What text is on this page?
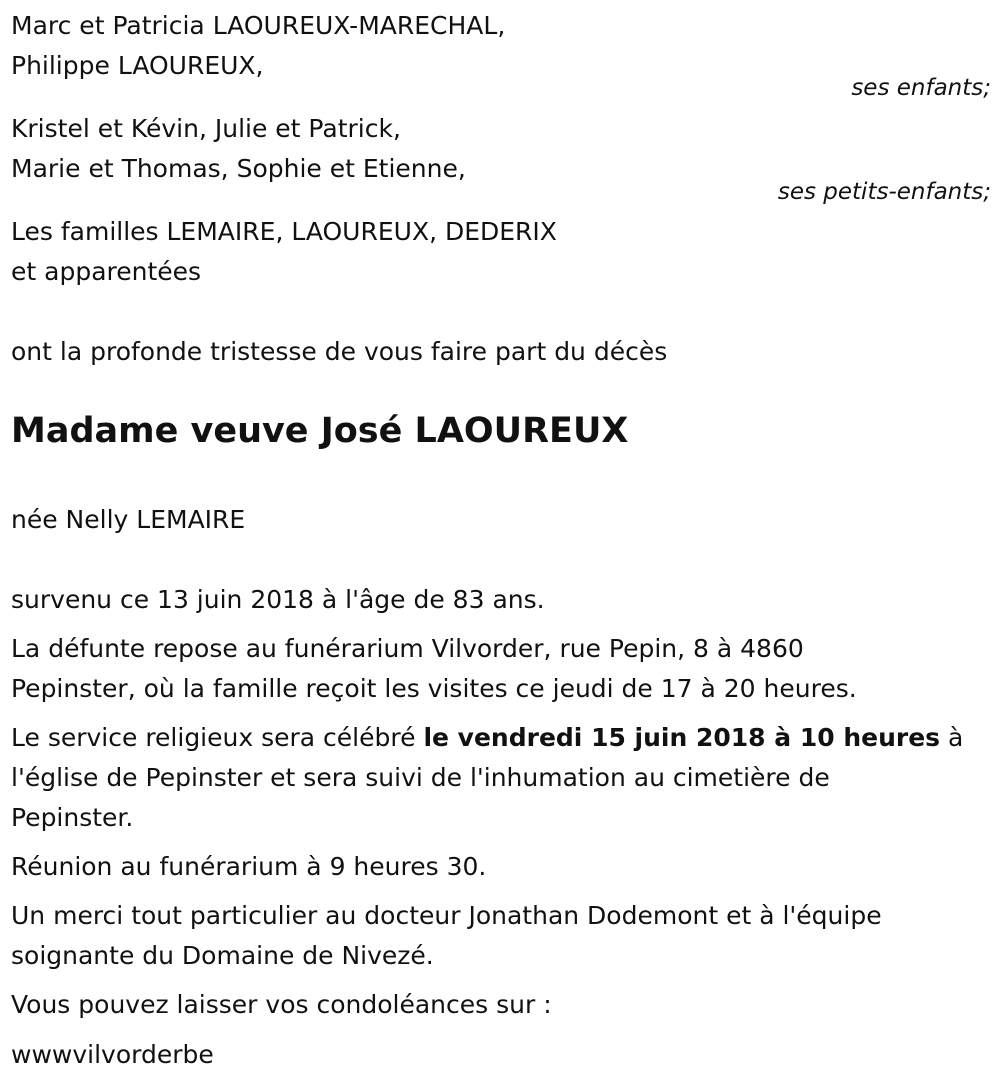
Marc et Patricia LAOUREUX-MARECHAL,
Philippe LAOUREUX,
ses enfants;
Kristel et Kévin, Julie et Patrick,
Marie et Thomas, Sophie et Etienne,
ses petits-enfants;
Les familles LEMAIRE, LAOUREUX, DEDERIX
et apparentées
ont la profonde tristesse de vous faire part du décès
Madame veuve José LAOUREUX
née Nelly LEMAIRE
survenu ce 13 juin 2018 à l'âge de 83 ans.
La défunte repose au funérarium Vilvorder, rue Pepin, 8 à 4860
Pepinster, où la famille reçoit les visites ce jeudi de 17 à 20 heures.
Le service religieux sera célébré le vendredi 15 juin 2018 à 10 heures à
l'église de Pepinster et sera suivi de l'inhumation au cimetière de
Pepinster.
Réunion au funérarium à 9 heures 30.
Un merci tout particulier au docteur Jonathan Dodemont et à l'équipe
soignante du Domaine de Nivezé.
Vous pouvez laisser vos condoléances sur :
wwwvilvorderbe
